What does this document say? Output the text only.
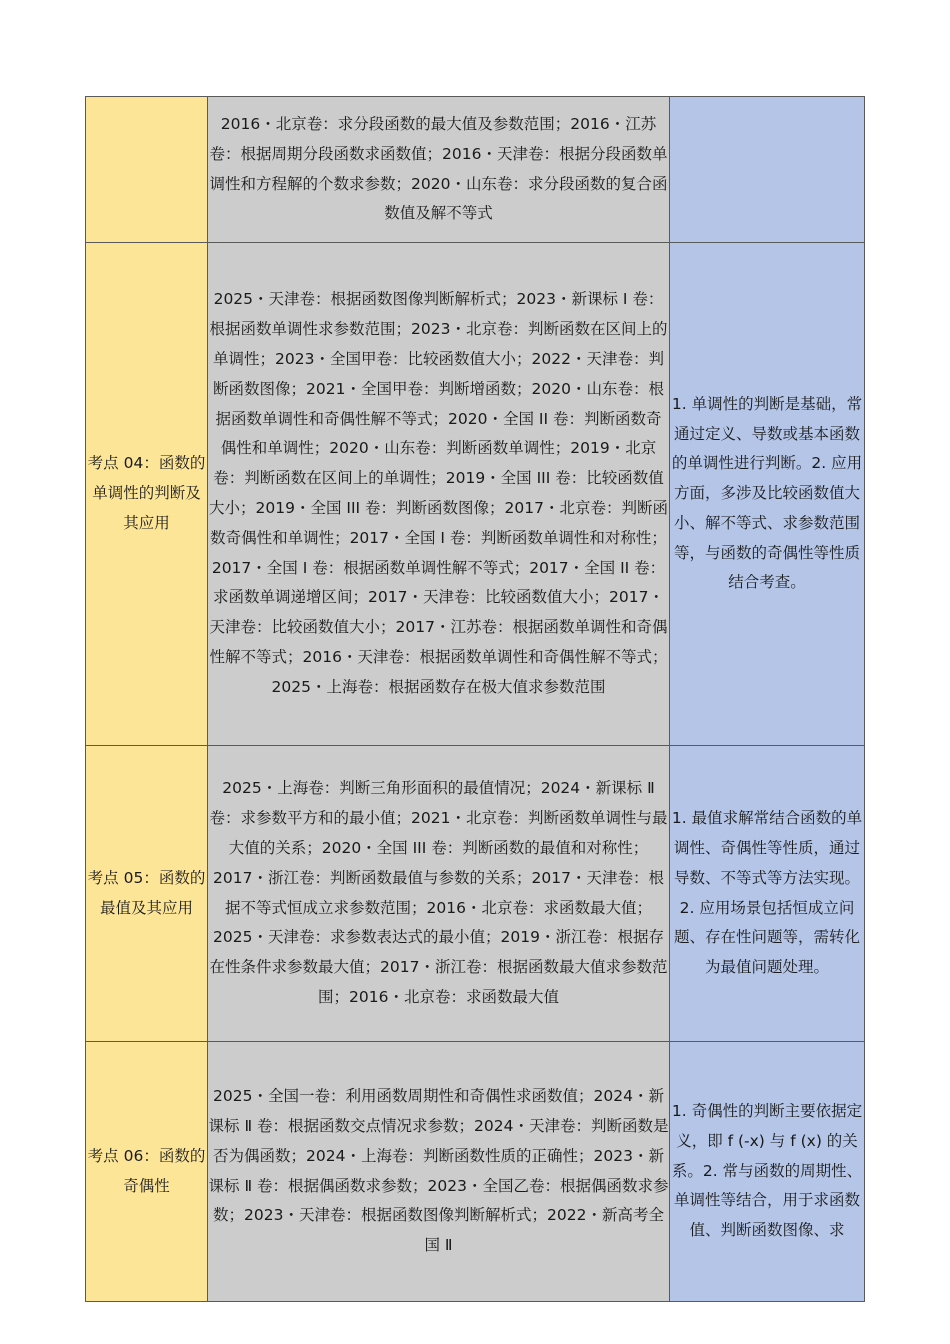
	2016・北京卷：求分段函数的最大值及参数范围；2016・江苏卷：根据周期分段函数求函数值；2016・天津卷：根据分段函数单调性和方程解的个数求参数；2020・山东卷：求分段函数的复合函数值及解不等式	
考点 04：函数的单调性的判断及其应用	2025・天津卷：根据函数图像判断解析式；2023・新课标 I 卷：根据函数单调性求参数范围；2023・北京卷：判断函数在区间上的单调性；2023・全国甲卷：比较函数值大小；2022・天津卷：判断函数图像；2021・全国甲卷：判断增函数；2020・山东卷：根据函数单调性和奇偶性解不等式；2020・全国 II 卷：判断函数奇偶性和单调性；2020・山东卷：判断函数单调性；2019・北京卷：判断函数在区间上的单调性；2019・全国 III 卷：比较函数值大小；2019・全国 III 卷：判断函数图像；2017・北京卷：判断函数奇偶性和单调性；2017・全国 I 卷：判断函数单调性和对称性；2017・全国 I 卷：根据函数单调性解不等式；2017・全国 II 卷：求函数单调递增区间；2017・天津卷：比较函数值大小；2017・天津卷：比较函数值大小；2017・江苏卷：根据函数单调性和奇偶性解不等式；2016・天津卷：根据函数单调性和奇偶性解不等式；2025・上海卷：根据函数存在极大值求参数范围	1. 单调性的判断是基础，常通过定义、导数或基本函数的单调性进行判断。2. 应用方面，多涉及比较函数值大小、解不等式、求参数范围等，与函数的奇偶性等性质结合考查。
考点 05：函数的最值及其应用	2025・上海卷：判断三角形面积的最值情况；2024・新课标 Ⅱ 卷：求参数平方和的最小值；2021・北京卷：判断函数单调性与最大值的关系；2020・全国 III 卷：判断函数的最值和对称性；2017・浙江卷：判断函数最值与参数的关系；2017・天津卷：根据不等式恒成立求参数范围；2016・北京卷：求函数最大值；2025・天津卷：求参数表达式的最小值；2019・浙江卷：根据存在性条件求参数最大值；2017・浙江卷：根据函数最大值求参数范围；2016・北京卷：求函数最大值	1. 最值求解常结合函数的单调性、奇偶性等性质，通过导数、不等式等方法实现。2. 应用场景包括恒成立问题、存在性问题等，需转化为最值问题处理。
考点 06：函数的奇偶性	2025・全国一卷：利用函数周期性和奇偶性求函数值；2024・新课标 Ⅱ 卷：根据函数交点情况求参数；2024・天津卷：判断函数是否为偶函数；2024・上海卷：判断函数性质的正确性；2023・新课标 Ⅱ 卷：根据偶函数求参数；2023・全国乙卷：根据偶函数求参数；2023・天津卷：根据函数图像判断解析式；2022・新高考全国 Ⅱ	1. 奇偶性的判断主要依据定义，即 f (-x) 与 f (x) 的关系。2. 常与函数的周期性、单调性等结合，用于求函数值、判断函数图像、求
